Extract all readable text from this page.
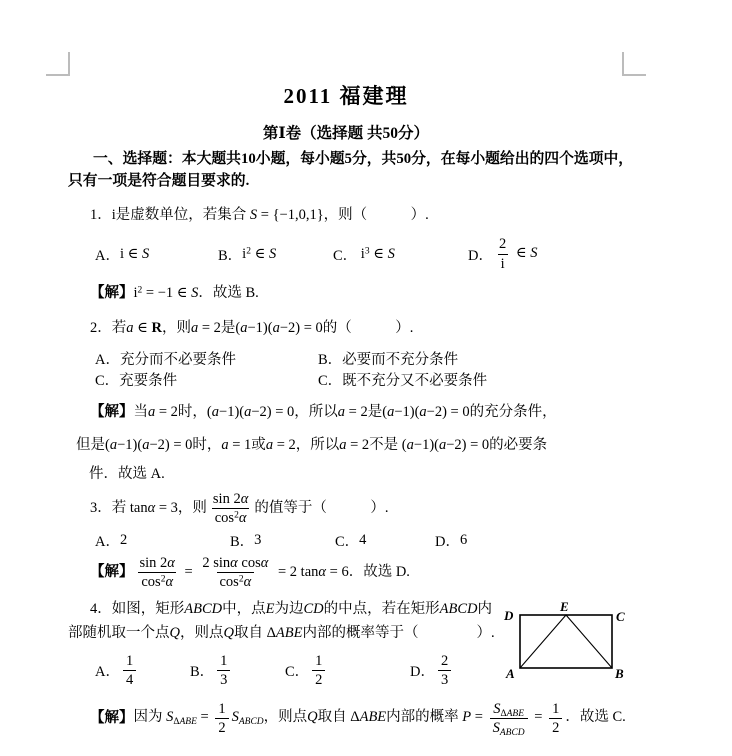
2011 福建理
第Ⅰ卷（选择题 共50分）
一、选择题：本大题共10小题，每小题5分，共50分，在每小题给出的四个选项中，
只有一项是符合题目要求的.
1．i是虚数单位，若集合 S = {−1,0,1}，则（　　　）.
A． i ∈ S	B． $i^2$ ∈ S	C．
$i^3$ ∈ S	D． $\frac{2}{i}$ ∈ S
【解】$i^2 = -1$ ∈ S．故选 B.
2．若a ∈ R，则a = 2是(a−1)(a−2) = 0的（　　　）.
A． 充分而不必要条件	B． 必要而不充分条件
C． 充要条件	C． 既不充分又不必要条件
【解】当a = 2时，(a−1)(a−2) = 0，所以a = 2是(a−1)(a−2) = 0的充分条件，
但是(a−1)(a−2) = 0时，a = 1或a = 2，所以a = 2不是 (a−1)(a−2) = 0的必要条
件．故选 A.
3．若 tanα = 3，则 $\frac{\sin 2\alpha}{\cos^2\alpha}$ 的值等于（　　　）.
A． 2	B． 3	C． 4	D． 6
【解】 $\frac{\sin 2\alpha}{\cos^2\alpha} = \frac{\text{2 sinα cosα}}{\cos^2\alpha} = 2$ tanα = 6．故选 D.
4．如图，矩形ABCD中，点E为边CD的中点，若在矩形ABCD内
部随机取一个点Q，则点Q取自 ΔABE内部的概率等于（　　　　）.
A． $\frac{1}{4}$	B． $\frac{1}{3}$	C． $\frac{1}{2}$	D． $\frac{2}{3}$
D
E
C
A	B
【解】因为 $S_{\Delta ABE} = \frac{1}{2} S_{ABCD}$，则点Q取自 ΔABE内部的概率 P =
$S_{\Delta ABE}$
$S_{ABCD}$
= $\frac{1}{2}$ ．故选 C.
